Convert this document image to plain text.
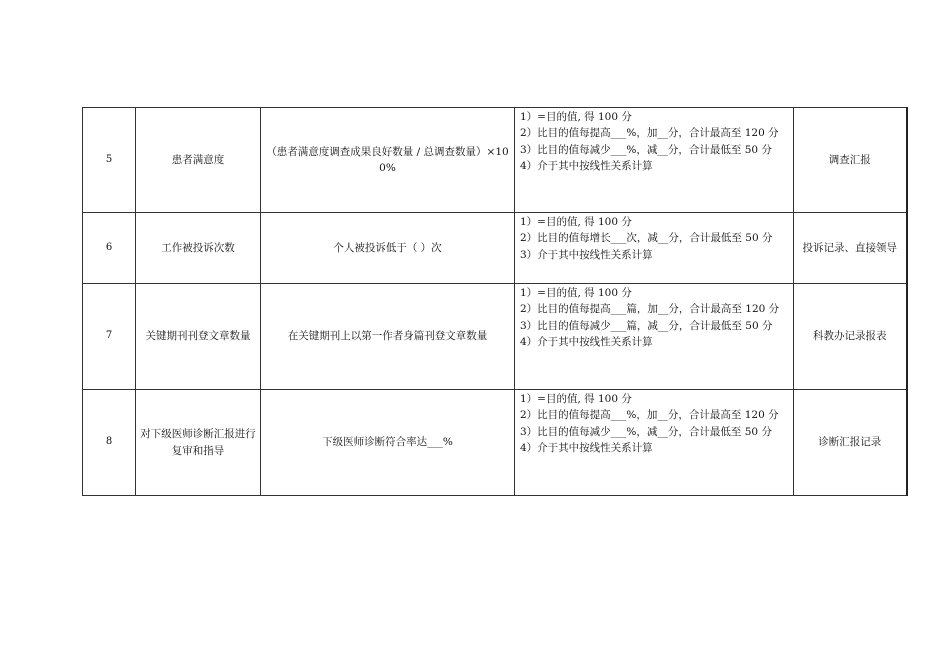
5	患者满意度	（患者满意度调查成果良好数量 / 总调查数量）×100%	1）=目的值, 得 100 分
2）比目的值每提高___%，加__分，合计最高至 120 分
3）比目的值每减少___%，减__分，合计最低至 50 分
4）介于其中按线性关系计算	调查汇报
6	工作被投诉次数	个人被投诉低于（ ）次	1）=目的值, 得 100 分
2）比目的值每增长___次，减__分，合计最低至 50 分
3）介于其中按线性关系计算	投诉记录、直接领导
7	关键期刊刊登文章数量	在关键期刊上以第一作者身篇刊登文章数量	1）=目的值, 得 100 分
2）比目的值每提高___篇，加__分，合计最高至 120 分
3）比目的值每减少___篇，减__分，合计最低至 50 分
4）介于其中按线性关系计算	科教办记录报表
8	对下级医师诊断汇报进行复审和指导	下级医师诊断符合率达___%	1）=目的值, 得 100 分
2）比目的值每提高___%，加__分，合计最高至 120 分
3）比目的值每减少___%，减__分，合计最低至 50 分
4）介于其中按线性关系计算	诊断汇报记录
